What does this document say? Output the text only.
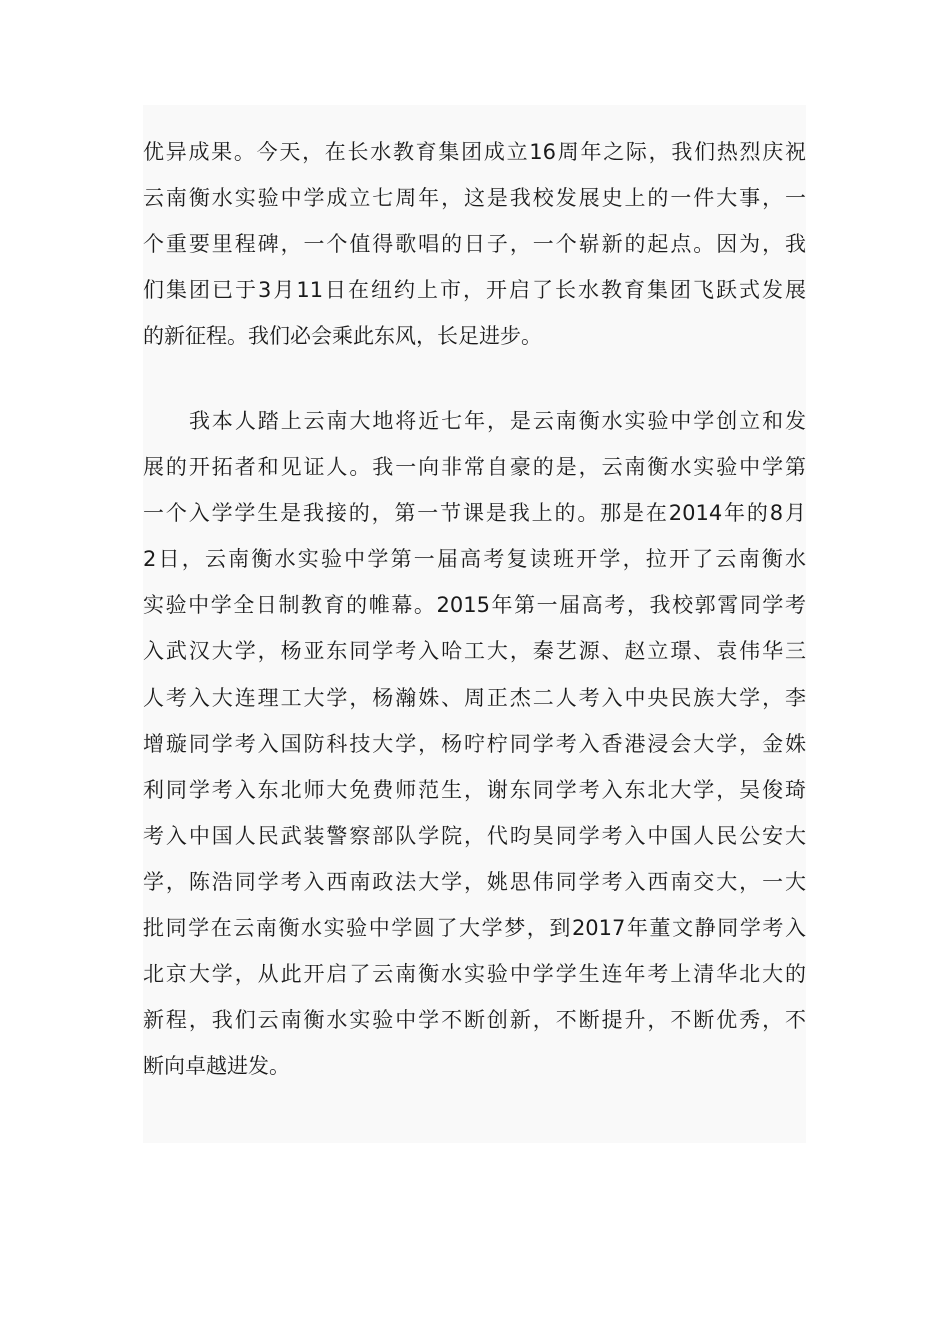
优异成果。今天，在长水教育集团成立16周年之际，我们热烈庆祝
云南衡水实验中学成立七周年，这是我校发展史上的一件大事，一
个重要里程碑，一个值得歌唱的日子，一个崭新的起点。因为，我
们集团已于3月11日在纽约上市，开启了长水教育集团飞跃式发展
的新征程。我们必会乘此东风，长足进步。
我本人踏上云南大地将近七年，是云南衡水实验中学创立和发
展的开拓者和见证人。我一向非常自豪的是，云南衡水实验中学第
一个入学学生是我接的，第一节课是我上的。那是在2014年的8月
2日，云南衡水实验中学第一届高考复读班开学，拉开了云南衡水
实验中学全日制教育的帷幕。2015年第一届高考，我校郭霄同学考
入武汉大学，杨亚东同学考入哈工大，秦艺源、赵立璟、袁伟华三
人考入大连理工大学，杨瀚姝、周正杰二人考入中央民族大学，李
增璇同学考入国防科技大学，杨咛柠同学考入香港浸会大学，金姝
利同学考入东北师大免费师范生，谢东同学考入东北大学，吴俊琦
考入中国人民武装警察部队学院，代昀昊同学考入中国人民公安大
学，陈浩同学考入西南政法大学，姚思伟同学考入西南交大，一大
批同学在云南衡水实验中学圆了大学梦，到2017年董文静同学考入
北京大学，从此开启了云南衡水实验中学学生连年考上清华北大的
新程，我们云南衡水实验中学不断创新，不断提升，不断优秀，不
断向卓越进发。
